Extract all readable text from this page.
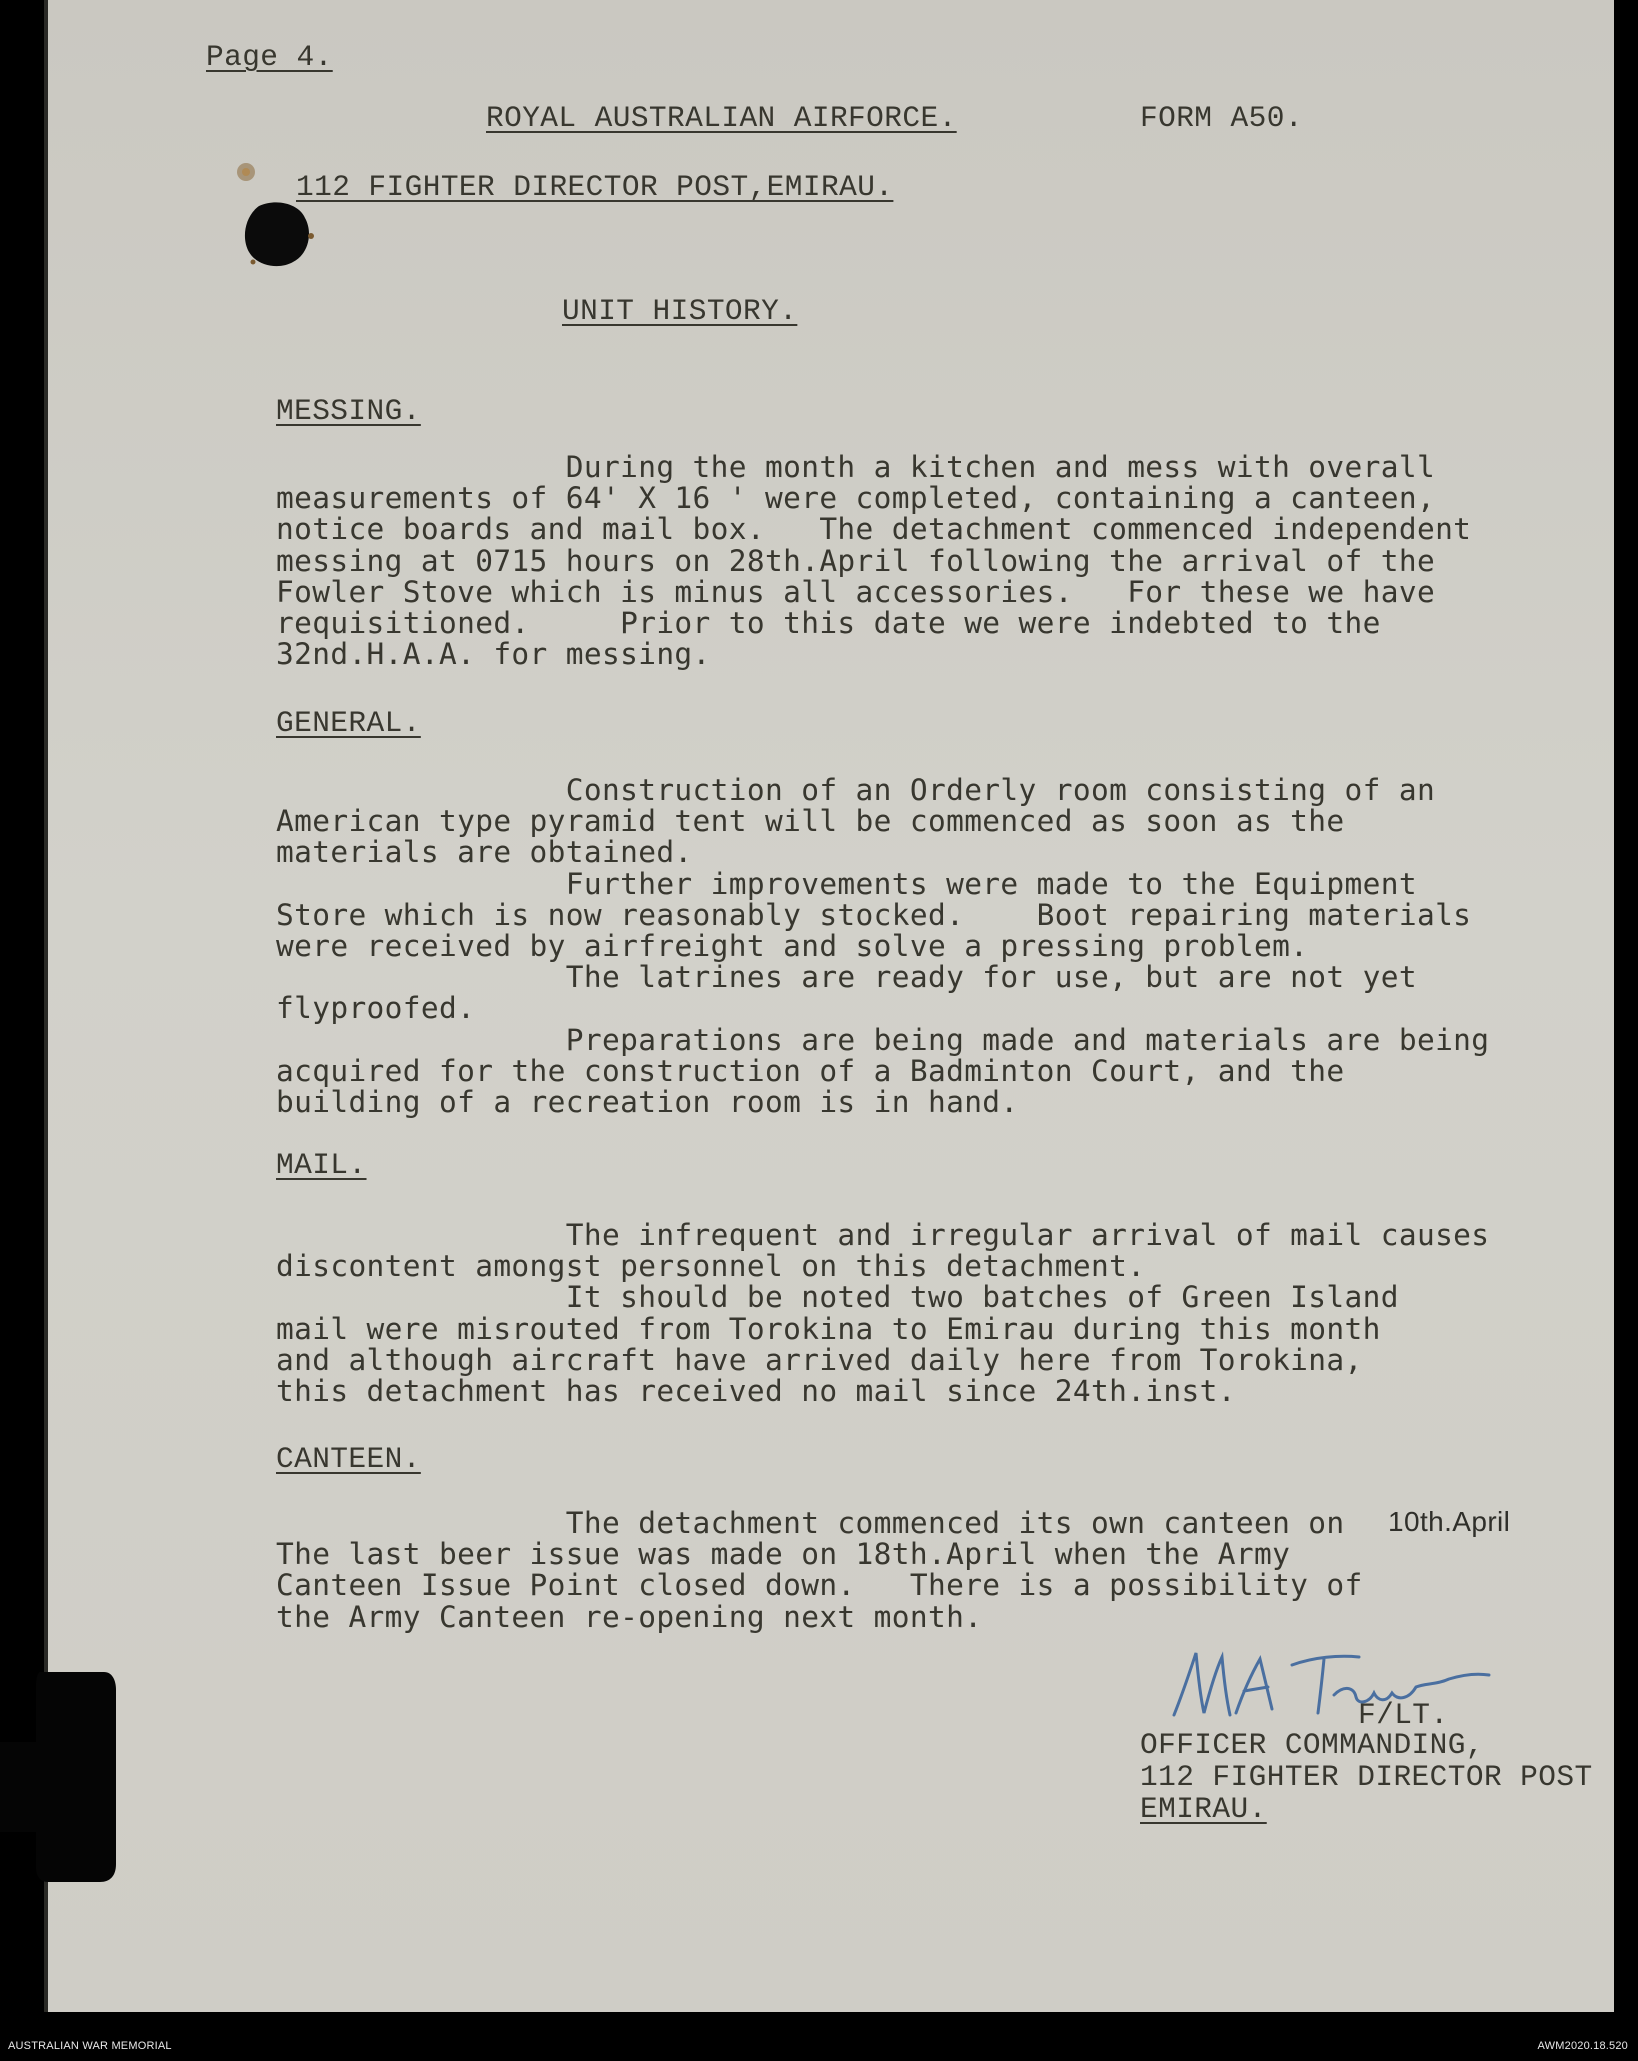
Page 4.
ROYAL AUSTRALIAN AIRFORCE.	FORM A50.
112 FIGHTER DIRECTOR POST,EMIRAU.
UNIT HISTORY.
MESSING.
During the month a kitchen and mess with overall
measurements of 64' X 16 ' were completed, containing a canteen,
notice boards and mail box.   The detachment commenced independent
messing at 0715 hours on 28th.April following the arrival of the
Fowler Stove which is minus all accessories.   For these we have
requisitioned.     Prior to this date we were indebted to the
32nd.H.A.A. for messing.
GENERAL.
Construction of an Orderly room consisting of an
American type pyramid tent will be commenced as soon as the
materials are obtained.
Further improvements were made to the Equipment
Store which is now reasonably stocked.    Boot repairing materials
were received by airfreight and solve a pressing problem.
The latrines are ready for use, but are not yet
flyproofed.
Preparations are being made and materials are being
acquired for the construction of a Badminton Court, and the
building of a recreation room is in hand.
MAIL.
The infrequent and irregular arrival of mail causes
discontent amongst personnel on this detachment.
It should be noted two batches of Green Island
mail were misrouted from Torokina to Emirau during this month
and although aircraft have arrived daily here from Torokina,
this detachment has received no mail since 24th.inst.
CANTEEN.
The detachment commenced its own canteen on
The last beer issue was made on 18th.April when the Army
Canteen Issue Point closed down.   There is a possibility of
the Army Canteen re-opening next month.
10th.April
F/LT.
OFFICER COMMANDING,
112 FIGHTER DIRECTOR POST
EMIRAU.
AUSTRALIAN WAR MEMORIAL	AWM2020.18.520
